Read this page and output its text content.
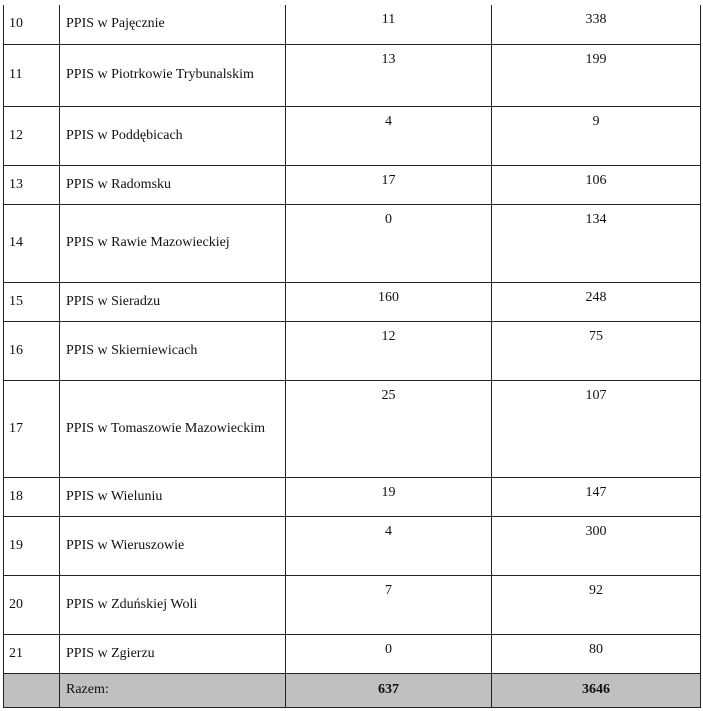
10	PPIS w Pajęcznie	11	338
11	PPIS w Piotrkowie Trybunalskim	13	199
12	PPIS w Poddębicach	4	9
13	PPIS w Radomsku	17	106
14	PPIS w Rawie Mazowieckiej	0	134
15	PPIS w Sieradzu	160	248
16	PPIS w Skierniewicach	12	75
17	PPIS w Tomaszowie Mazowieckim	25	107
18	PPIS w Wieluniu	19	147
19	PPIS w Wieruszowie	4	300
20	PPIS w Zduńskiej Woli	7	92
21	PPIS w Zgierzu	0	80
	Razem:	637	3646
